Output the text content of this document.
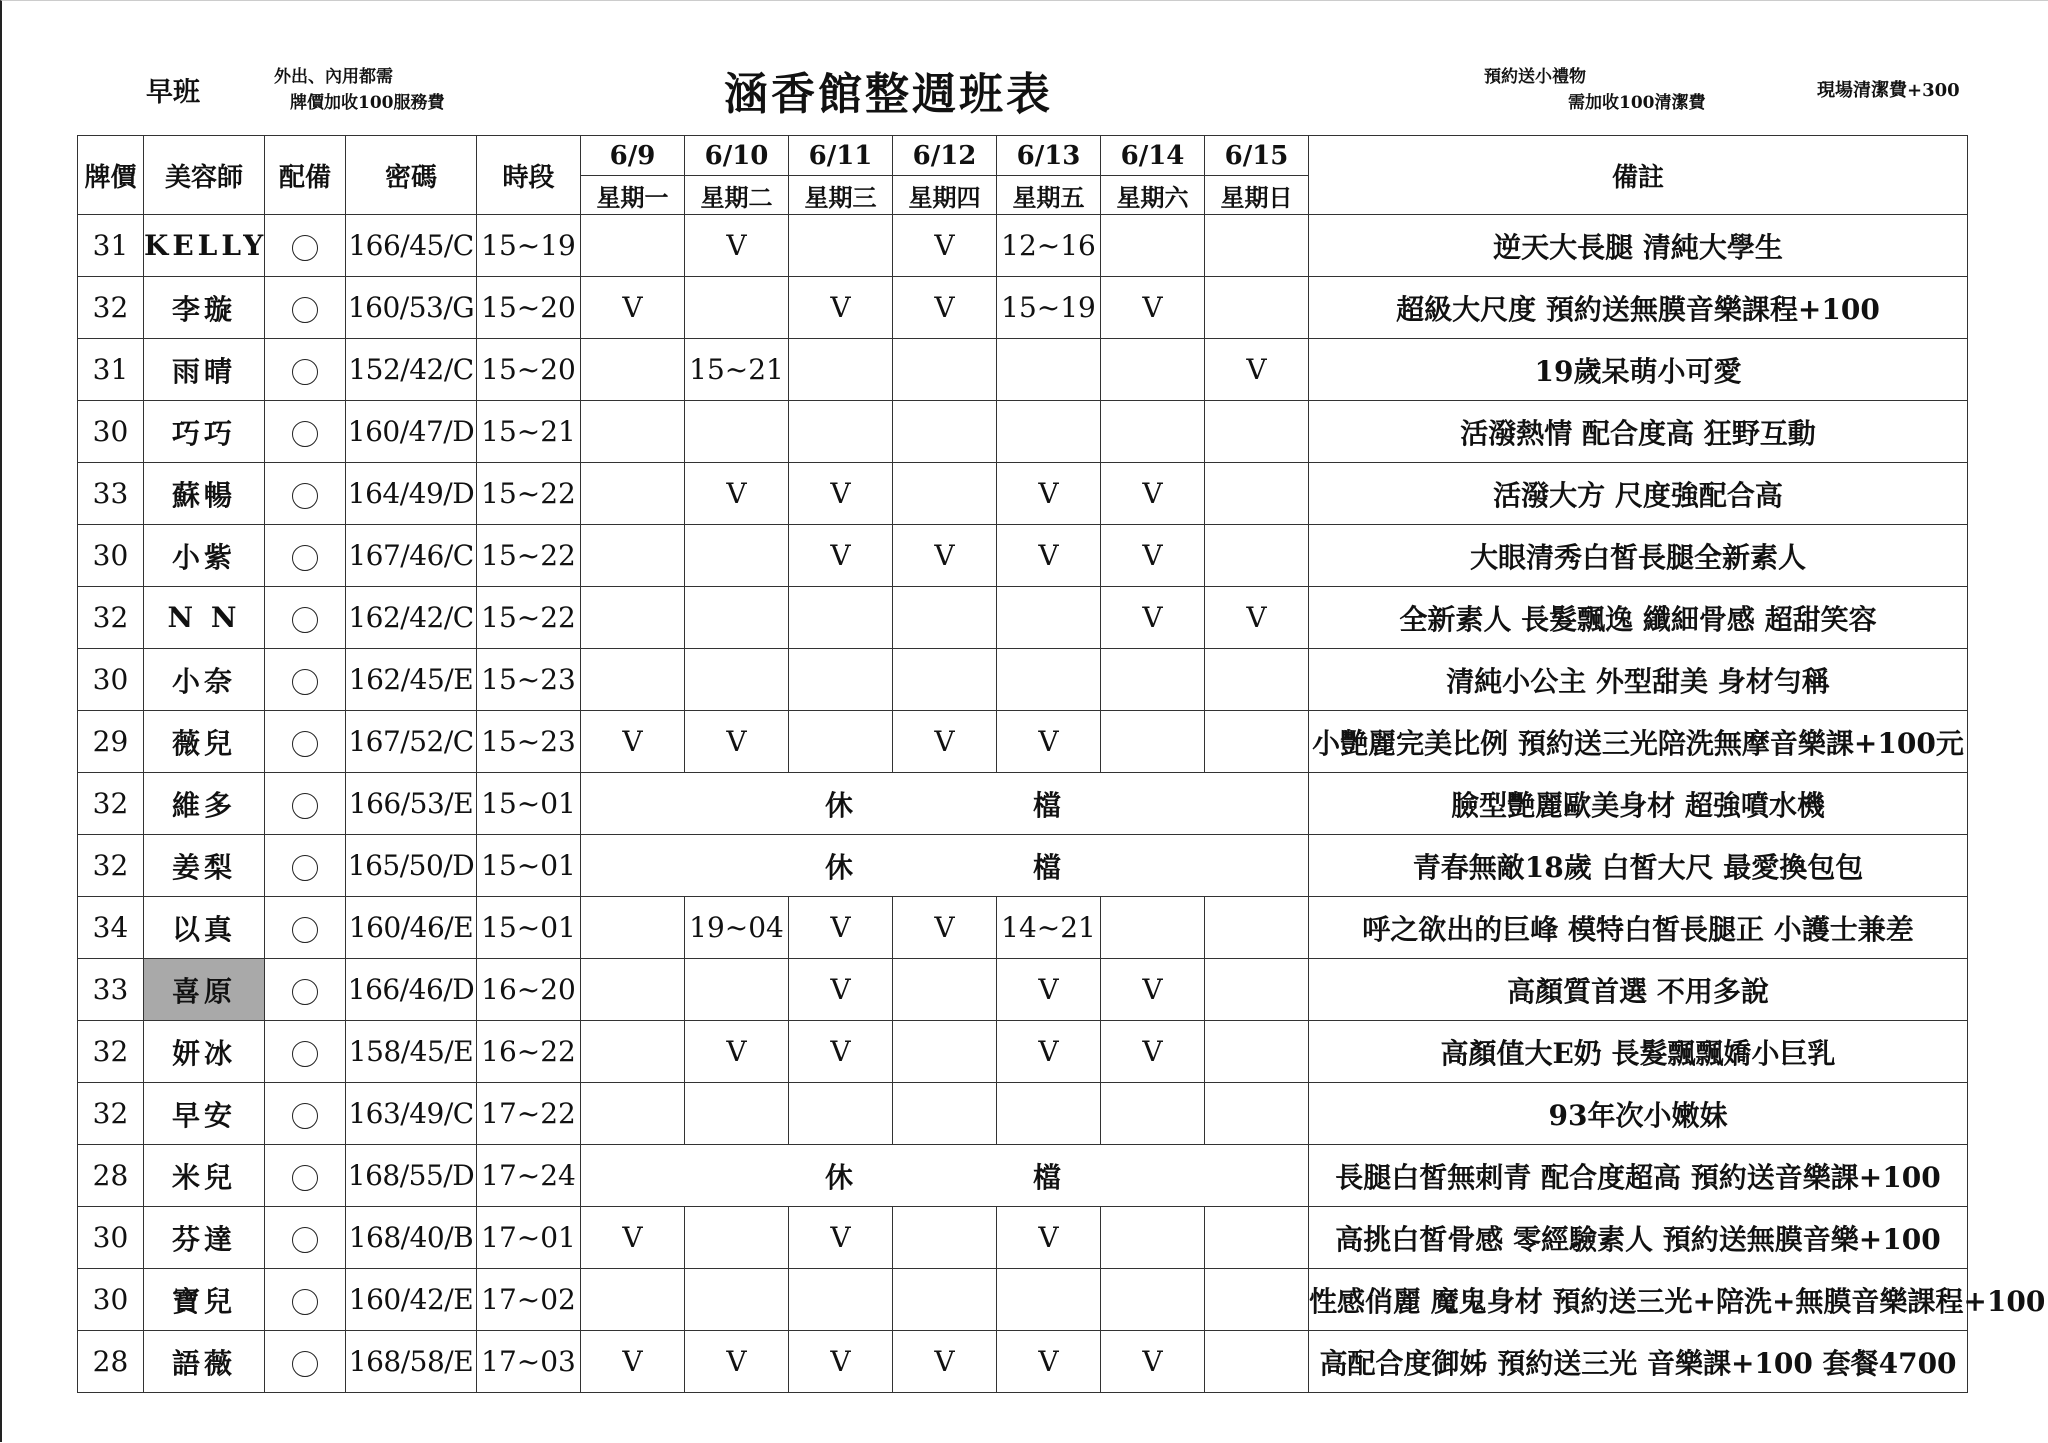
早班	外出、內用都需
牌價加收100服務費	涵香館整週班表	預約送小禮物
需加收100清潔費
現場清潔費+300
牌價	美容師	配備	密碼	時段	6/9	6/10	6/11	6/12	6/13	6/14	6/15	備註
					星期一	星期二	星期三	星期四	星期五	星期六	星期日	
31	KELLY		166/45/C	15~19		V		V	12~16			逆天大長腿 清純大學生
32	李璇		160/53/G	15~20	V		V	V	15~19	V		超級大尺度 預約送無膜音樂課程+100
31	雨晴		152/42/C	15~20		15~21					V	19歲呆萌小可愛
30	巧巧		160/47/D	15~21								活潑熱情 配合度高 狂野互動
33	蘇暢		164/49/D	15~22		V	V		V	V		活潑大方 尺度強配合高
30	小紫		167/46/C	15~22			V	V	V	V		大眼清秀白皙長腿全新素人
32	N N		162/42/C	15~22						V	V	全新素人 長髮飄逸 纖細骨感 超甜笑容
30	小奈		162/45/E	15~23								清純小公主 外型甜美 身材勻稱
29	薇兒		167/52/C	15~23	V	V		V	V			小艷麗完美比例 預約送三光陪洗無摩音樂課+100元
32	維多		166/53/E	15~01	休 檔							臉型艷麗歐美身材 超強噴水機
32	姜梨		165/50/D	15~01	休 檔							青春無敵18歲 白皙大尺 最愛換包包
34	以真		160/46/E	15~01		19~04	V	V	14~21			呼之欲出的巨峰 模特白皙長腿正 小護士兼差
33	喜原		166/46/D	16~20			V		V	V		高顏質首選 不用多說
32	妍冰		158/45/E	16~22		V	V		V	V		高顏值大E奶 長髮飄飄嬌小巨乳
32	早安		163/49/C	17~22								93年次小嫩妹
28	米兒		168/55/D	17~24	休 檔							長腿白皙無刺青 配合度超高 預約送音樂課+100
30	芬達		168/40/B	17~01	V		V		V			高挑白皙骨感 零經驗素人 預約送無膜音樂+100
30	寶兒		160/42/E	17~02								性感俏麗 魔鬼身材 預約送三光+陪洗+無膜音樂課程+100
28	語薇		168/58/E	17~03	V	V	V	V	V	V		高配合度御姊 預約送三光 音樂課+100 套餐4700
